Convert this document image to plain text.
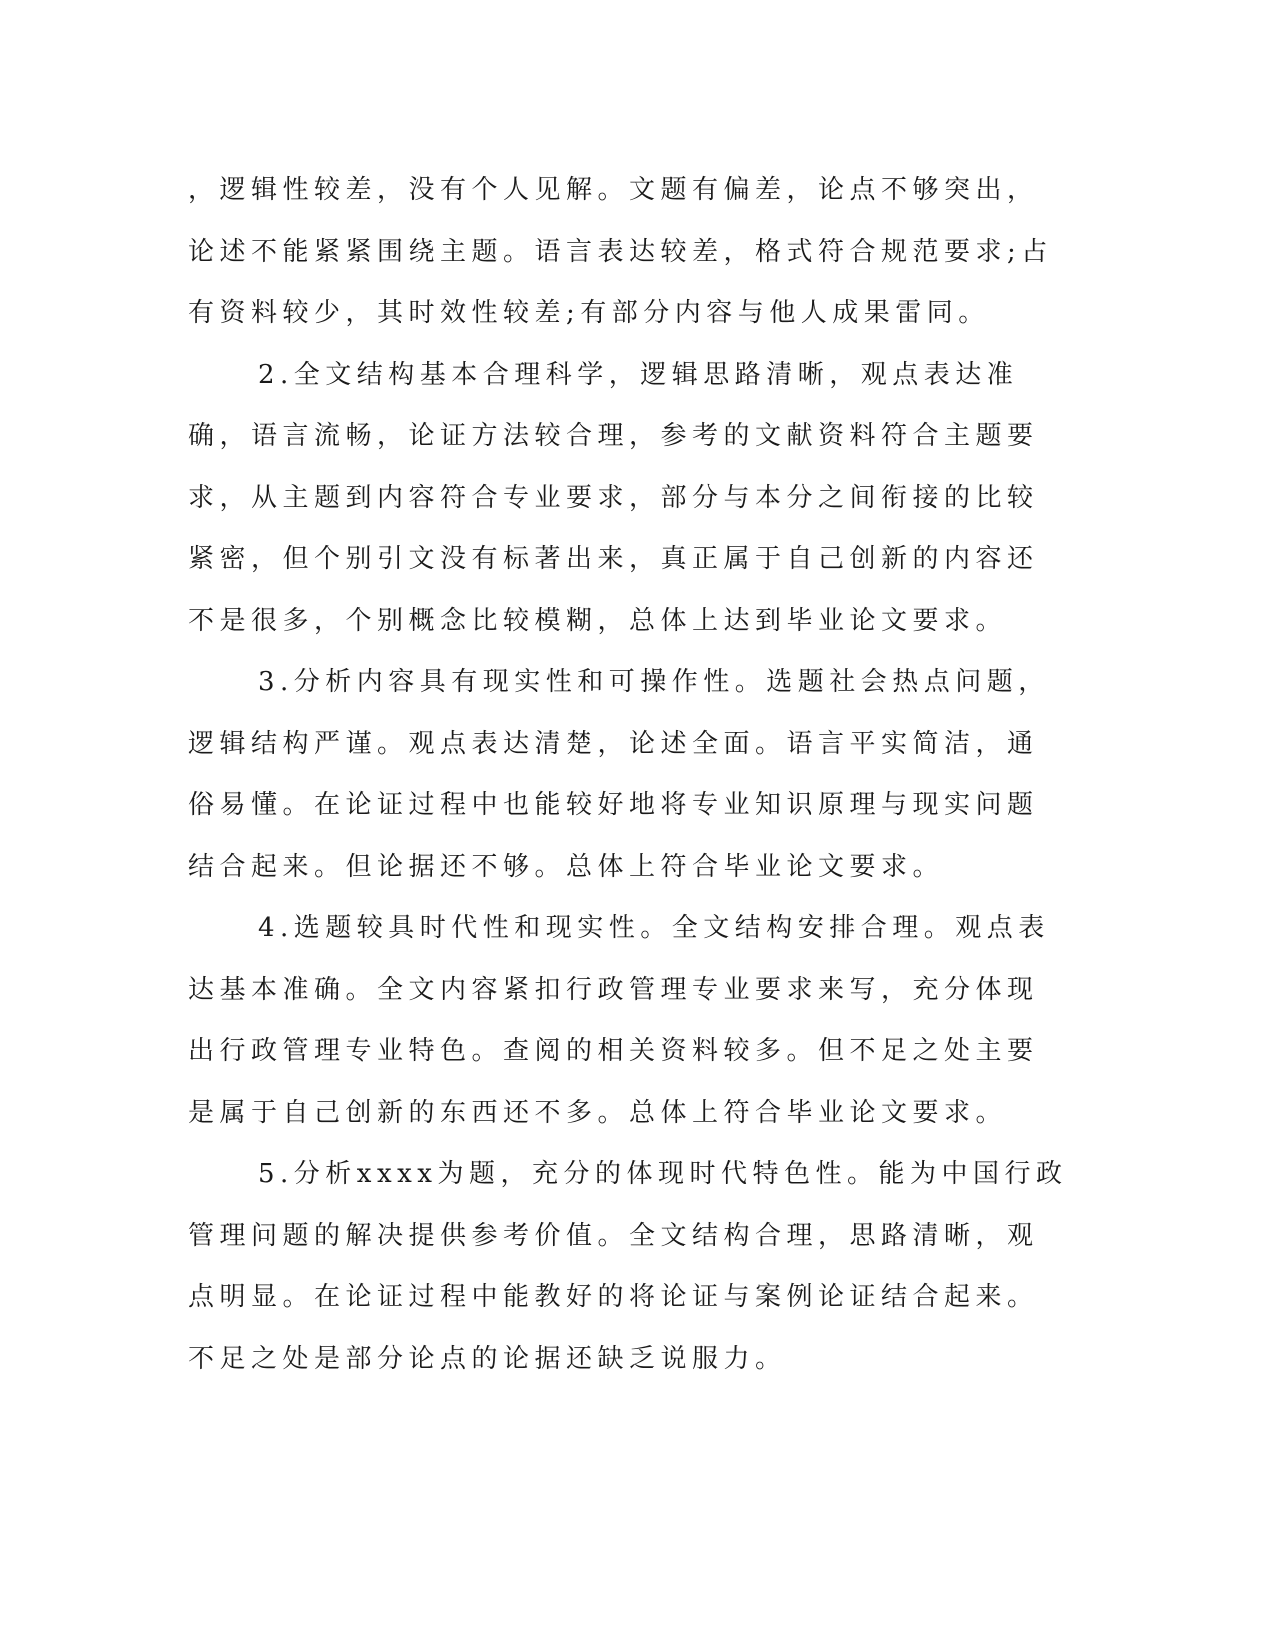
，逻辑性较差，没有个人见解。文题有偏差，论点不够突出，论述不能紧紧围绕主题。语言表达较差，格式符合规范要求;占有资料较少，其时效性较差;有部分内容与他人成果雷同。

2.全文结构基本合理科学，逻辑思路清晰，观点表达准确，语言流畅，论证方法较合理，参考的文献资料符合主题要求，从主题到内容符合专业要求，部分与本分之间衔接的比较紧密，但个别引文没有标著出来，真正属于自己创新的内容还不是很多，个别概念比较模糊，总体上达到毕业论文要求。

3.分析内容具有现实性和可操作性。选题社会热点问题，逻辑结构严谨。观点表达清楚，论述全面。语言平实简洁，通俗易懂。在论证过程中也能较好地将专业知识原理与现实问题结合起来。但论据还不够。总体上符合毕业论文要求。

4.选题较具时代性和现实性。全文结构安排合理。观点表达基本准确。全文内容紧扣行政管理专业要求来写，充分体现出行政管理专业特色。查阅的相关资料较多。但不足之处主要是属于自己创新的东西还不多。总体上符合毕业论文要求。

5.分析xxxx为题，充分的体现时代特色性。能为中国行政管理问题的解决提供参考价值。全文结构合理，思路清晰，观点明显。在论证过程中能教好的将论证与案例论证结合起来。不足之处是部分论点的论据还缺乏说服力。
